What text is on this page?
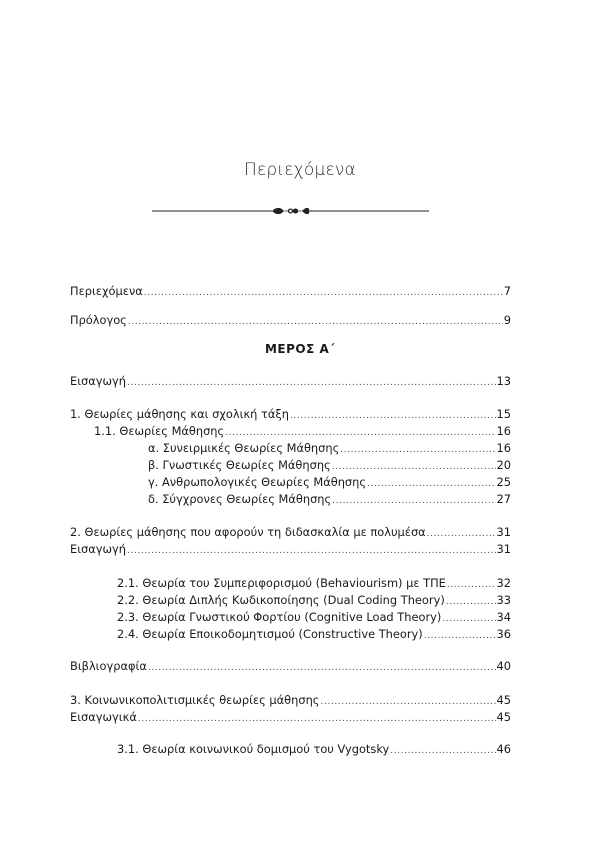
Περιεχόμενα
ΜΕΡΟΣ Α΄
Περιεχόμενα .....	7
Πρόλογος .....	9
Εισαγωγή .....	13
1. Θεωρίες μάθησης και σχολική τάξη .....	15
1.1. Θεωρίες Μάθησης .....	16
α. Συνειρμικές Θεωρίες Μάθησης .....	16
β. Γνωστικές Θεωρίες Μάθησης .....	20
γ. Ανθρωπολογικές Θεωρίες Μάθησης .....	25
δ. Σύγχρονες Θεωρίες Μάθησης .....	27
2. Θεωρίες μάθησης που αφορούν τη διδασκαλία με πολυμέσα .....	31
Εισαγωγή .....	31
2.1. Θεωρία του Συμπεριφορισμού (Behaviourism) με ΤΠΕ .....	32
2.2. Θεωρία Διπλής Κωδικοποίησης (Dual Coding Theory) .....	33
2.3. Θεωρία Γνωστικού Φορτίου (Cognitive Load Theory) .....	34
2.4. Θεωρία Εποικοδομητισμού (Constructive Theory) .....	36
Βιβλιογραφία .....	40
3. Κοινωνικοπολιτισμικές θεωρίες μάθησης .....	45
Εισαγωγικά .....	45
3.1. Θεωρία κοινωνικού δομισμού του Vygotsky .....	46
